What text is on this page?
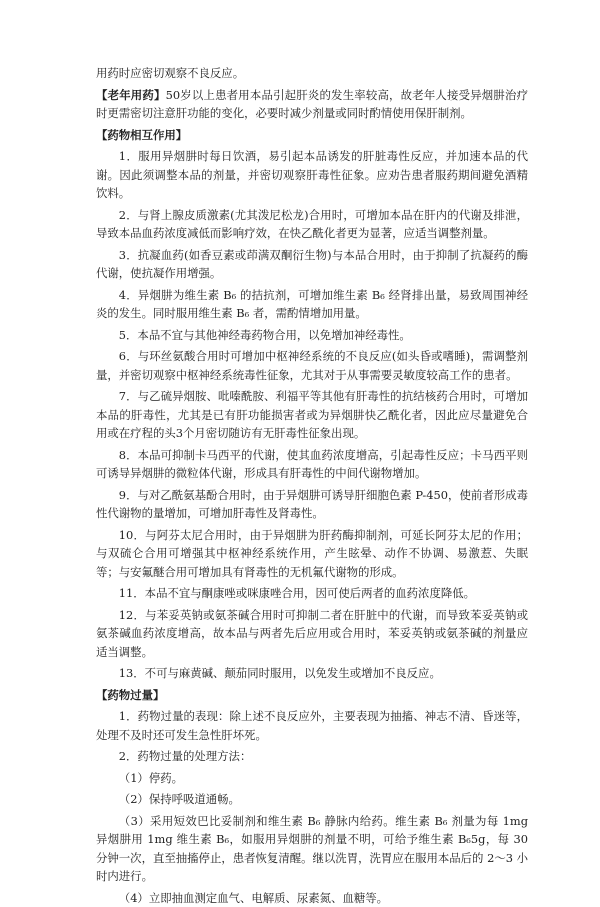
用药时应密切观察不良反应。

【老年用药】50岁以上患者用本品引起肝炎的发生率较高，故老年人接受异烟肼治疗时更需密切注意肝功能的变化，必要时减少剂量或同时酌情使用保肝制剂。

【药物相互作用】

1．服用异烟肼时每日饮酒，易引起本品诱发的肝脏毒性反应，并加速本品的代谢。因此须调整本品的剂量，并密切观察肝毒性征象。应劝告患者服药期间避免酒精饮料。

2．与肾上腺皮质激素(尤其泼尼松龙)合用时，可增加本品在肝内的代谢及排泄，导致本品血药浓度减低而影响疗效，在快乙酰化者更为显著，应适当调整剂量。

3．抗凝血药(如香豆素或茚满双酮衍生物)与本品合用时，由于抑制了抗凝药的酶代谢，使抗凝作用增强。

4．异烟肼为维生素 B₆ 的拮抗剂，可增加维生素 B₆ 经肾排出量，易致周围神经炎的发生。同时服用维生素 B₆ 者，需酌情增加用量。

5．本品不宜与其他神经毒药物合用，以免增加神经毒性。

6．与环丝氨酸合用时可增加中枢神经系统的不良反应(如头昏或嗜睡)，需调整剂量，并密切观察中枢神经系统毒性征象，尤其对于从事需要灵敏度较高工作的患者。

7．与乙硫异烟胺、吡嗪酰胺、利福平等其他有肝毒性的抗结核药合用时，可增加本品的肝毒性，尤其是已有肝功能损害者或为异烟肼快乙酰化者，因此应尽量避免合用或在疗程的头3个月密切随访有无肝毒性征象出现。

8．本品可抑制卡马西平的代谢，使其血药浓度增高，引起毒性反应；卡马西平则可诱导异烟肼的微粒体代谢，形成具有肝毒性的中间代谢物增加。

9．与对乙酰氨基酚合用时，由于异烟肼可诱导肝细胞色素 P-450，使前者形成毒性代谢物的量增加，可增加肝毒性及肾毒性。

10．与阿芬太尼合用时，由于异烟肼为肝药酶抑制剂，可延长阿芬太尼的作用；与双硫仑合用可增强其中枢神经系统作用，产生眩晕、动作不协调、易激惹、失眠等；与安氟醚合用可增加具有肾毒性的无机氟代谢物的形成。

11．本品不宜与酮康唑或咪康唑合用，因可使后两者的血药浓度降低。

12．与苯妥英钠或氨茶碱合用时可抑制二者在肝脏中的代谢，而导致苯妥英钠或氨茶碱血药浓度增高，故本品与两者先后应用或合用时，苯妥英钠或氨茶碱的剂量应适当调整。

13．不可与麻黄碱、颠茄同时服用，以免发生或增加不良反应。

【药物过量】

1．药物过量的表现：除上述不良反应外，主要表现为抽搐、神志不清、昏迷等，处理不及时还可发生急性肝坏死。

2．药物过量的处理方法：

（1）停药。

（2）保持呼吸道通畅。

（3）采用短效巴比妥制剂和维生素 B₆ 静脉内给药。维生素 B₆ 剂量为每 1mg 异烟肼用 1mg 维生素 B₆，如服用异烟肼的剂量不明，可给予维生素 B₆5g，每 30 分钟一次，直至抽搐停止，患者恢复清醒。继以洗胃，洗胃应在服用本品后的 2～3 小时内进行。

（4）立即抽血测定血气、电解质、尿素氮、血糖等。
